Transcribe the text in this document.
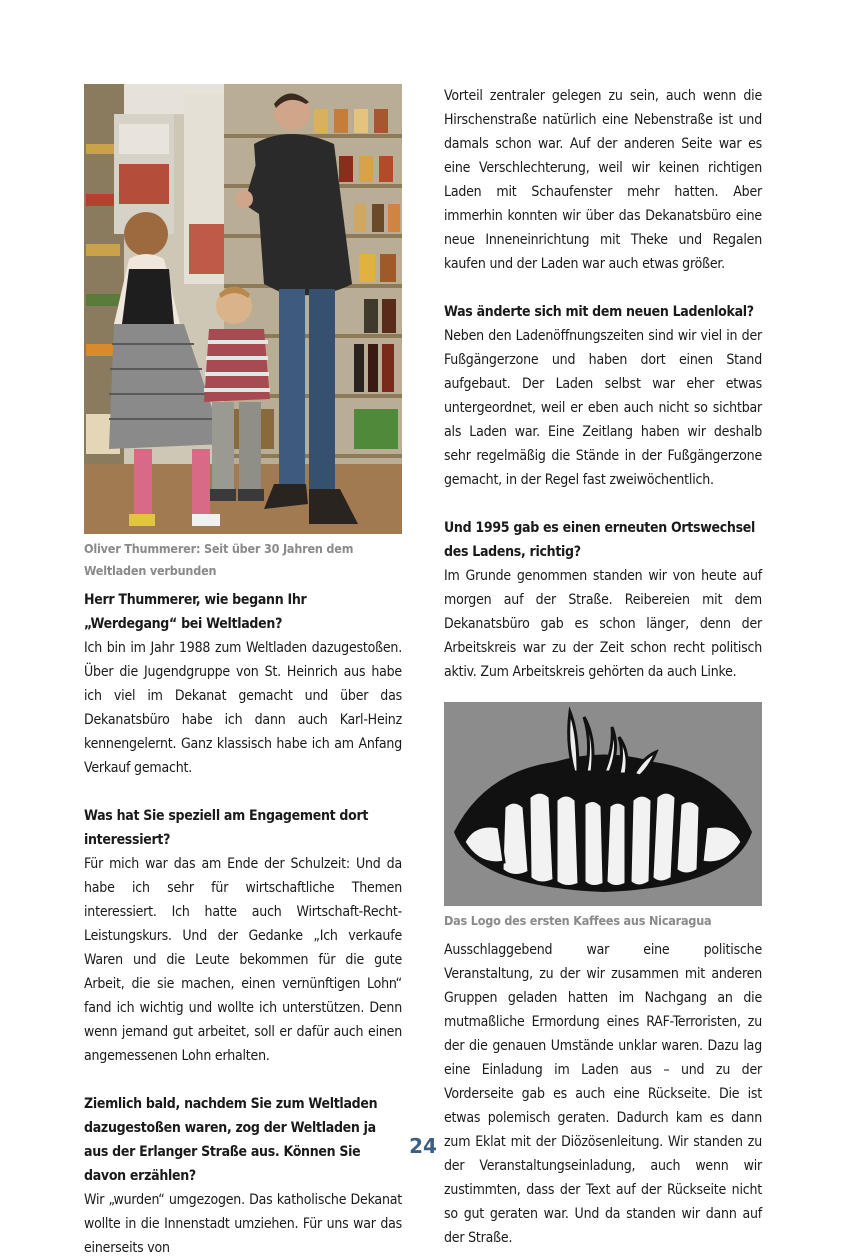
Oliver Thummerer: Seit über 30 Jahren dem Weltladen verbunden
Herr Thummerer, wie begann Ihr „Werdegang“ bei Weltladen?

Ich bin im Jahr 1988 zum Weltladen dazugestoßen. Über die Jugendgruppe von St. Heinrich aus habe ich viel im Dekanat gemacht und über das Dekanatsbüro habe ich dann auch Karl-Heinz kennengelernt. Ganz klassisch habe ich am Anfang Verkauf gemacht.

Was hat Sie speziell am Engagement dort interessiert?

Für mich war das am Ende der Schulzeit: Und da habe ich sehr für wirtschaftliche Themen interessiert. Ich hatte auch Wirtschaft-Recht-Leistungskurs. Und der Gedanke „Ich verkaufe Waren und die Leute bekommen für die gute Arbeit, die sie machen, einen vernünftigen Lohn“ fand ich wichtig und wollte ich unterstützen. Denn wenn jemand gut arbeitet, soll er dafür auch einen angemessenen Lohn erhalten.

Ziemlich bald, nachdem Sie zum Weltladen dazugestoßen waren, zog der Weltladen ja aus der Erlanger Straße aus. Können Sie davon erzählen?

Wir „wurden“ umgezogen. Das katholische Dekanat wollte in die Innenstadt umziehen. Für uns war das einerseits von

Vorteil zentraler gelegen zu sein, auch wenn die Hirschenstraße natürlich eine Nebenstraße ist und damals schon war. Auf der anderen Seite war es eine Verschlechterung, weil wir keinen richtigen Laden mit Schaufenster mehr hatten. Aber immerhin konnten wir über das Dekanatsbüro eine neue Inneneinrichtung mit Theke und Regalen kaufen und der Laden war auch etwas größer.

Was änderte sich mit dem neuen Ladenlokal?

Neben den Ladenöffnungszeiten sind wir viel in der Fußgängerzone und haben dort einen Stand aufgebaut. Der Laden selbst war eher etwas untergeordnet, weil er eben auch nicht so sichtbar als Laden war. Eine Zeitlang haben wir deshalb sehr regelmäßig die Stände in der Fußgängerzone gemacht, in der Regel fast zweiwöchentlich.

Und 1995 gab es einen erneuten Ortswechsel des Ladens, richtig?

Im Grunde genommen standen wir von heute auf morgen auf der Straße. Reibereien mit dem Dekanatsbüro gab es schon länger, denn der Arbeitskreis war zu der Zeit schon recht politisch aktiv. Zum Arbeitskreis gehörten da auch Linke.

Das Logo des ersten Kaffees aus Nicaragua

Ausschlaggebend war eine politische Veranstaltung, zu der wir zusammen mit anderen Gruppen geladen hatten im Nachgang an die mutmaßliche Ermordung eines RAF-Terroristen, zu der die genauen Umstände unklar waren. Dazu lag eine Einladung im Laden aus – und zu der Vorderseite gab es auch eine Rückseite. Die ist etwas polemisch geraten. Dadurch kam es dann zum Eklat mit der Diözösenleitung. Wir standen zu der Veranstaltungseinladung, auch wenn wir zustimmten, dass der Text auf der Rückseite nicht so gut geraten war. Und da standen wir dann auf der Straße.

24
